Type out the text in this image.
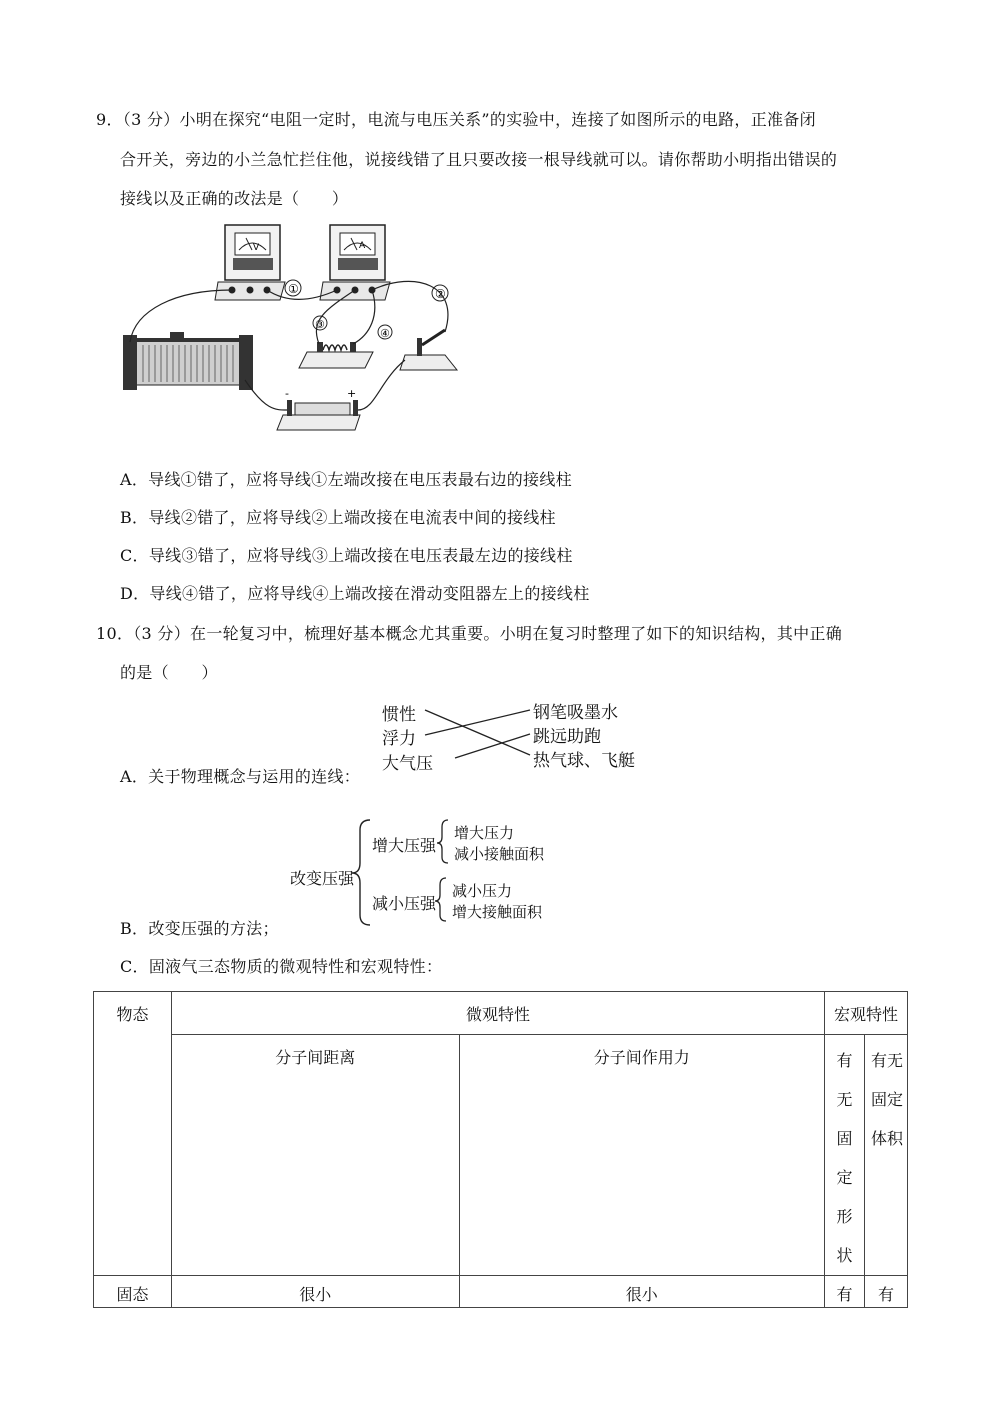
9．（3 分）小明在探究“电阻一定时，电流与电压关系”的实验中，连接了如图所示的电路，正准备闭
合开关，旁边的小兰急忙拦住他，说接线错了且只要改接一根导线就可以。请你帮助小明指出错误的
接线以及正确的改法是（　　）
V	A
①	②
③
④
-	+
A．导线①错了，应将导线①左端改接在电压表最右边的接线柱
B．导线②错了，应将导线②上端改接在电流表中间的接线柱
C．导线③错了，应将导线③上端改接在电压表最左边的接线柱
D．导线④错了，应将导线④上端改接在滑动变阻器左上的接线柱
10．（3 分）在一轮复习中，梳理好基本概念尤其重要。小明在复习时整理了如下的知识结构，其中正确
的是（　　）
惯性
浮力
大气压
钢笔吸墨水
跳远助跑
热气球、飞艇
A．关于物理概念与运用的连线：
改变压强
增大压强
减小压强
增大压力
减小接触面积
减小压力
增大接触面积
B．改变压强的方法；
C．固液气三态物质的微观特性和宏观特性：
物态	微观特性		宏观特性	
	分子间距离	分子间作用力	有无固定形状	有无固定体积
固态	很小	很小	有	有
